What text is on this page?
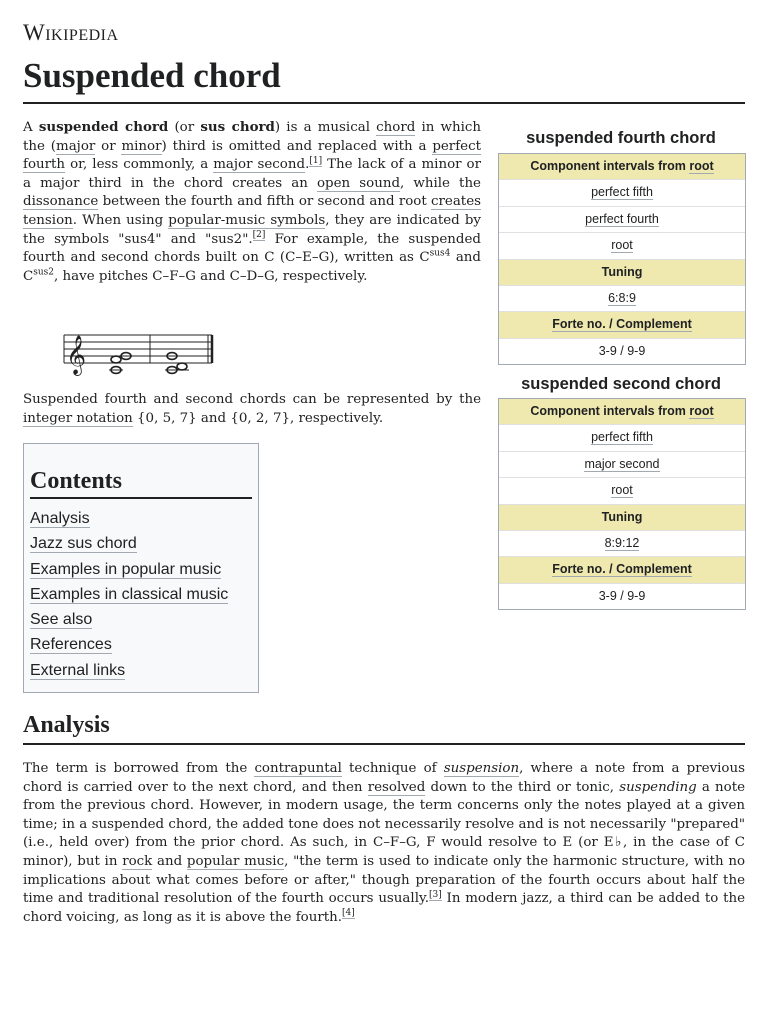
Wikipedia
Suspended chord

A suspended chord (or sus chord) is a musical chord in which the (major or minor) third is omitted and replaced with a perfect fourth or, less commonly, a major second.[1] The lack of a minor or a major third in the chord creates an open sound, while the dissonance between the fourth and fifth or second and root creates tension. When using popular-music symbols, they are indicated by the symbols "sus4" and "sus2".[2] For example, the suspended fourth and second chords built on C (C–E–G), written as $C^{sus4}$ and $C^{sus2}$, have pitches C–F–G and C–D–G, respectively.

𝄞

Suspended fourth and second chords can be represented by the integer notation {0, 5, 7} and {0, 2, 7}, respectively.

Contents
Analysis
Jazz sus chord
Examples in popular music
Examples in classical music
See also
References
External links
suspended fourth chord
Component intervals from root
perfect fifth
perfect fourth
root
Tuning
6:8:9
Forte no. / Complement
3-9 / 9-9
suspended second chord
Component intervals from root
perfect fifth
major second
root
Tuning
8:9:12
Forte no. / Complement
3-9 / 9-9
Analysis

The term is borrowed from the contrapuntal technique of suspension, where a note from a previous chord is carried over to the next chord, and then resolved down to the third or tonic, suspending a note from the previous chord. However, in modern usage, the term concerns only the notes played at a given time; in a suspended chord, the added tone does not necessarily resolve and is not necessarily "prepared" (i.e., held over) from the prior chord. As such, in C–F–G, F would resolve to E (or E♭, in the case of C minor), but in rock and popular music, "the term is used to indicate only the harmonic structure, with no implications about what comes before or after," though preparation of the fourth occurs about half the time and traditional resolution of the fourth occurs usually.[3] In modern jazz, a third can be added to the chord voicing, as long as it is above the fourth.[4]
